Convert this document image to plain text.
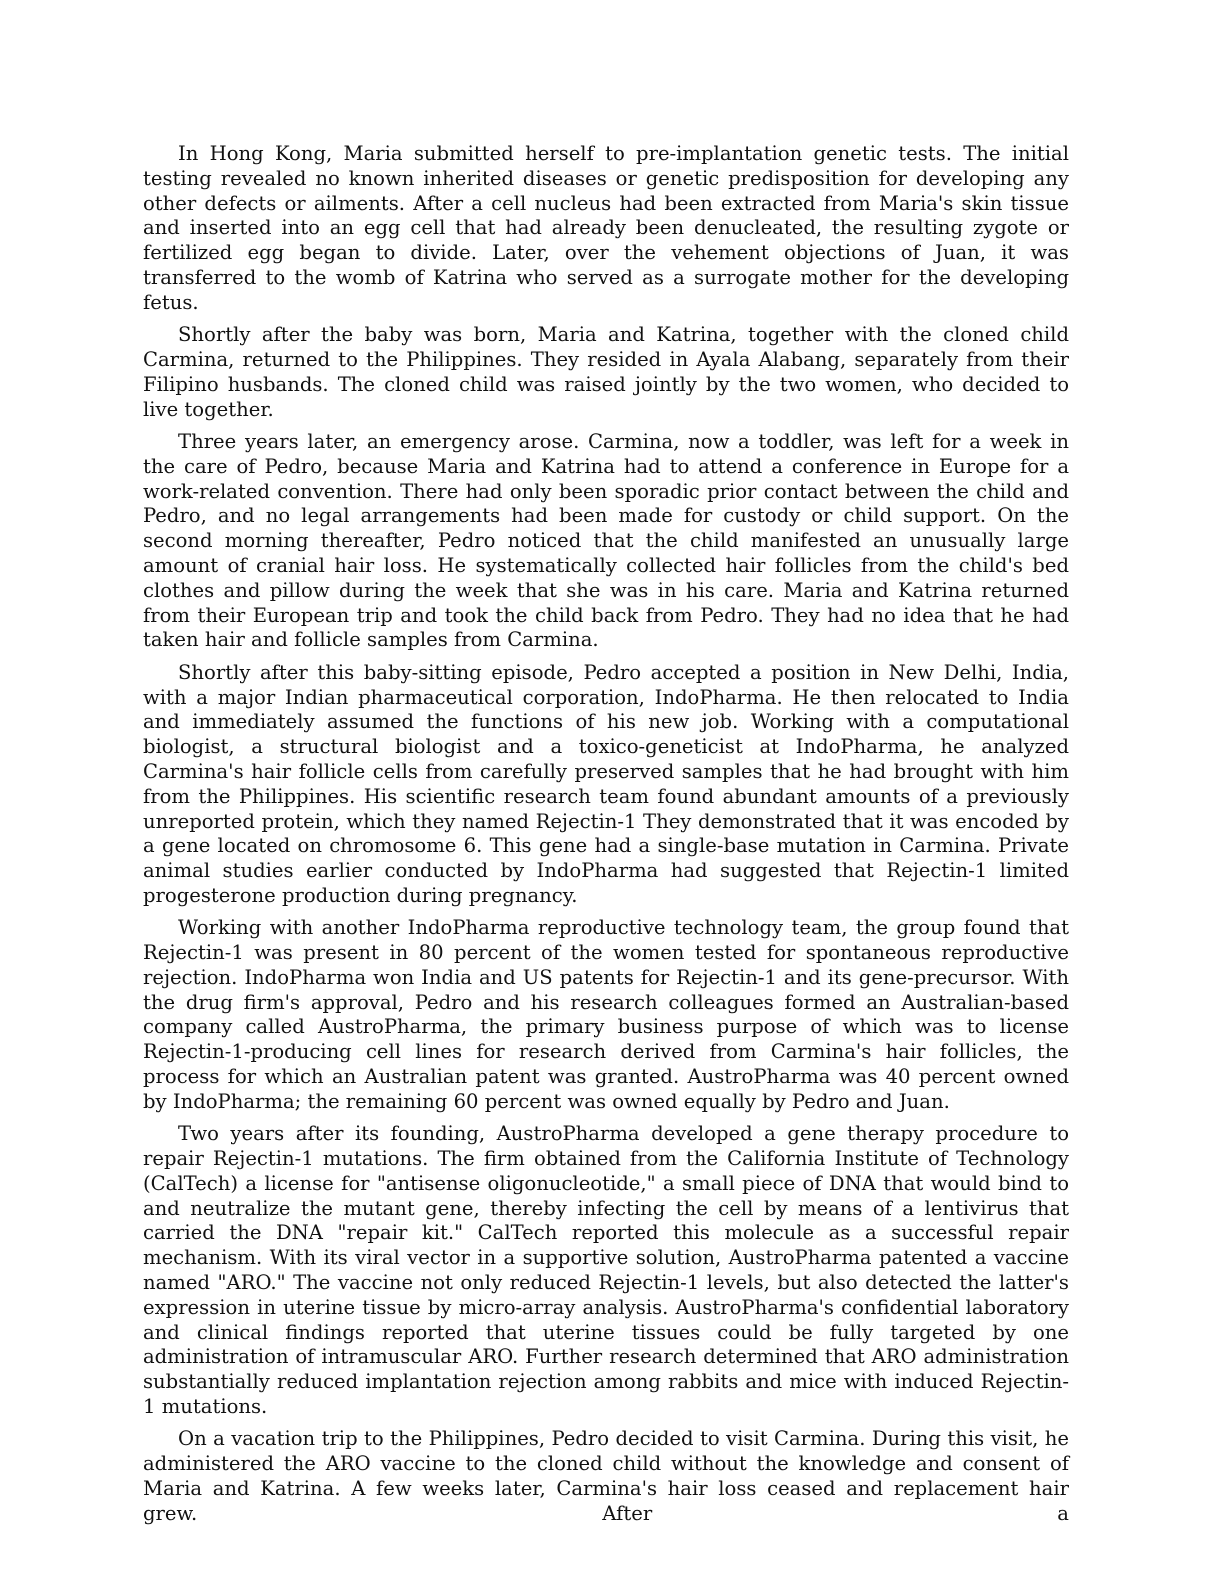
In Hong Kong, Maria submitted herself to pre-implantation genetic tests. The initial testing revealed no known inherited diseases or genetic predisposition for developing any other defects or ailments. After a cell nucleus had been extracted from Maria's skin tissue and inserted into an egg cell that had already been denucleated, the resulting zygote or fertilized egg began to divide. Later, over the vehement objections of Juan, it was transferred to the womb of Katrina who served as a surrogate mother for the developing fetus.

Shortly after the baby was born, Maria and Katrina, together with the cloned child Carmina, returned to the Philippines. They resided in Ayala Alabang, separately from their Filipino husbands. The cloned child was raised jointly by the two women, who decided to live together.

Three years later, an emergency arose. Carmina, now a toddler, was left for a week in the care of Pedro, because Maria and Katrina had to attend a conference in Europe for a work-related convention. There had only been sporadic prior contact between the child and Pedro, and no legal arrangements had been made for custody or child support. On the second morning thereafter, Pedro noticed that the child manifested an unusually large amount of cranial hair loss. He systematically collected hair follicles from the child's bed clothes and pillow during the week that she was in his care. Maria and Katrina returned from their European trip and took the child back from Pedro. They had no idea that he had taken hair and follicle samples from Carmina.

Shortly after this baby-sitting episode, Pedro accepted a position in New Delhi, India, with a major Indian pharmaceutical corporation, IndoPharma. He then relocated to India and immediately assumed the functions of his new job. Working with a computational biologist, a structural biologist and a toxico-geneticist at IndoPharma, he analyzed Carmina's hair follicle cells from carefully preserved samples that he had brought with him from the Philippines. His scientific research team found abundant amounts of a previously unreported protein, which they named Rejectin-1 They demonstrated that it was encoded by a gene located on chromosome 6. This gene had a single-base mutation in Carmina. Private animal studies earlier conducted by IndoPharma had suggested that Rejectin-1 limited progesterone production during pregnancy.

Working with another IndoPharma reproductive technology team, the group found that Rejectin-1 was present in 80 percent of the women tested for spontaneous reproductive rejection. IndoPharma won India and US patents for Rejectin-1 and its gene-precursor. With the drug firm's approval, Pedro and his research colleagues formed an Australian-based company called AustroPharma, the primary business purpose of which was to license Rejectin-1-producing cell lines for research derived from Carmina's hair follicles, the process for which an Australian patent was granted. AustroPharma was 40 percent owned by IndoPharma; the remaining 60 percent was owned equally by Pedro and Juan.

Two years after its founding, AustroPharma developed a gene therapy procedure to repair Rejectin-1 mutations. The firm obtained from the California Institute of Technology (CalTech) a license for "antisense oligonucleotide," a small piece of DNA that would bind to and neutralize the mutant gene, thereby infecting the cell by means of a lentivirus that carried the DNA "repair kit." CalTech reported this molecule as a successful repair mechanism. With its viral vector in a supportive solution, AustroPharma patented a vaccine named "ARO." The vaccine not only reduced Rejectin-1 levels, but also detected the latter's expression in uterine tissue by micro-array analysis. AustroPharma's confidential laboratory and clinical findings reported that uterine tissues could be fully targeted by one administration of intramuscular ARO. Further research determined that ARO administration substantially reduced implantation rejection among rabbits and mice with induced Rejectin-1 mutations.

On a vacation trip to the Philippines, Pedro decided to visit Carmina. During this visit, he administered the ARO vaccine to the cloned child without the knowledge and consent of Maria and Katrina. A few weeks later, Carmina's hair loss ceased and replacement hair grew. After a
